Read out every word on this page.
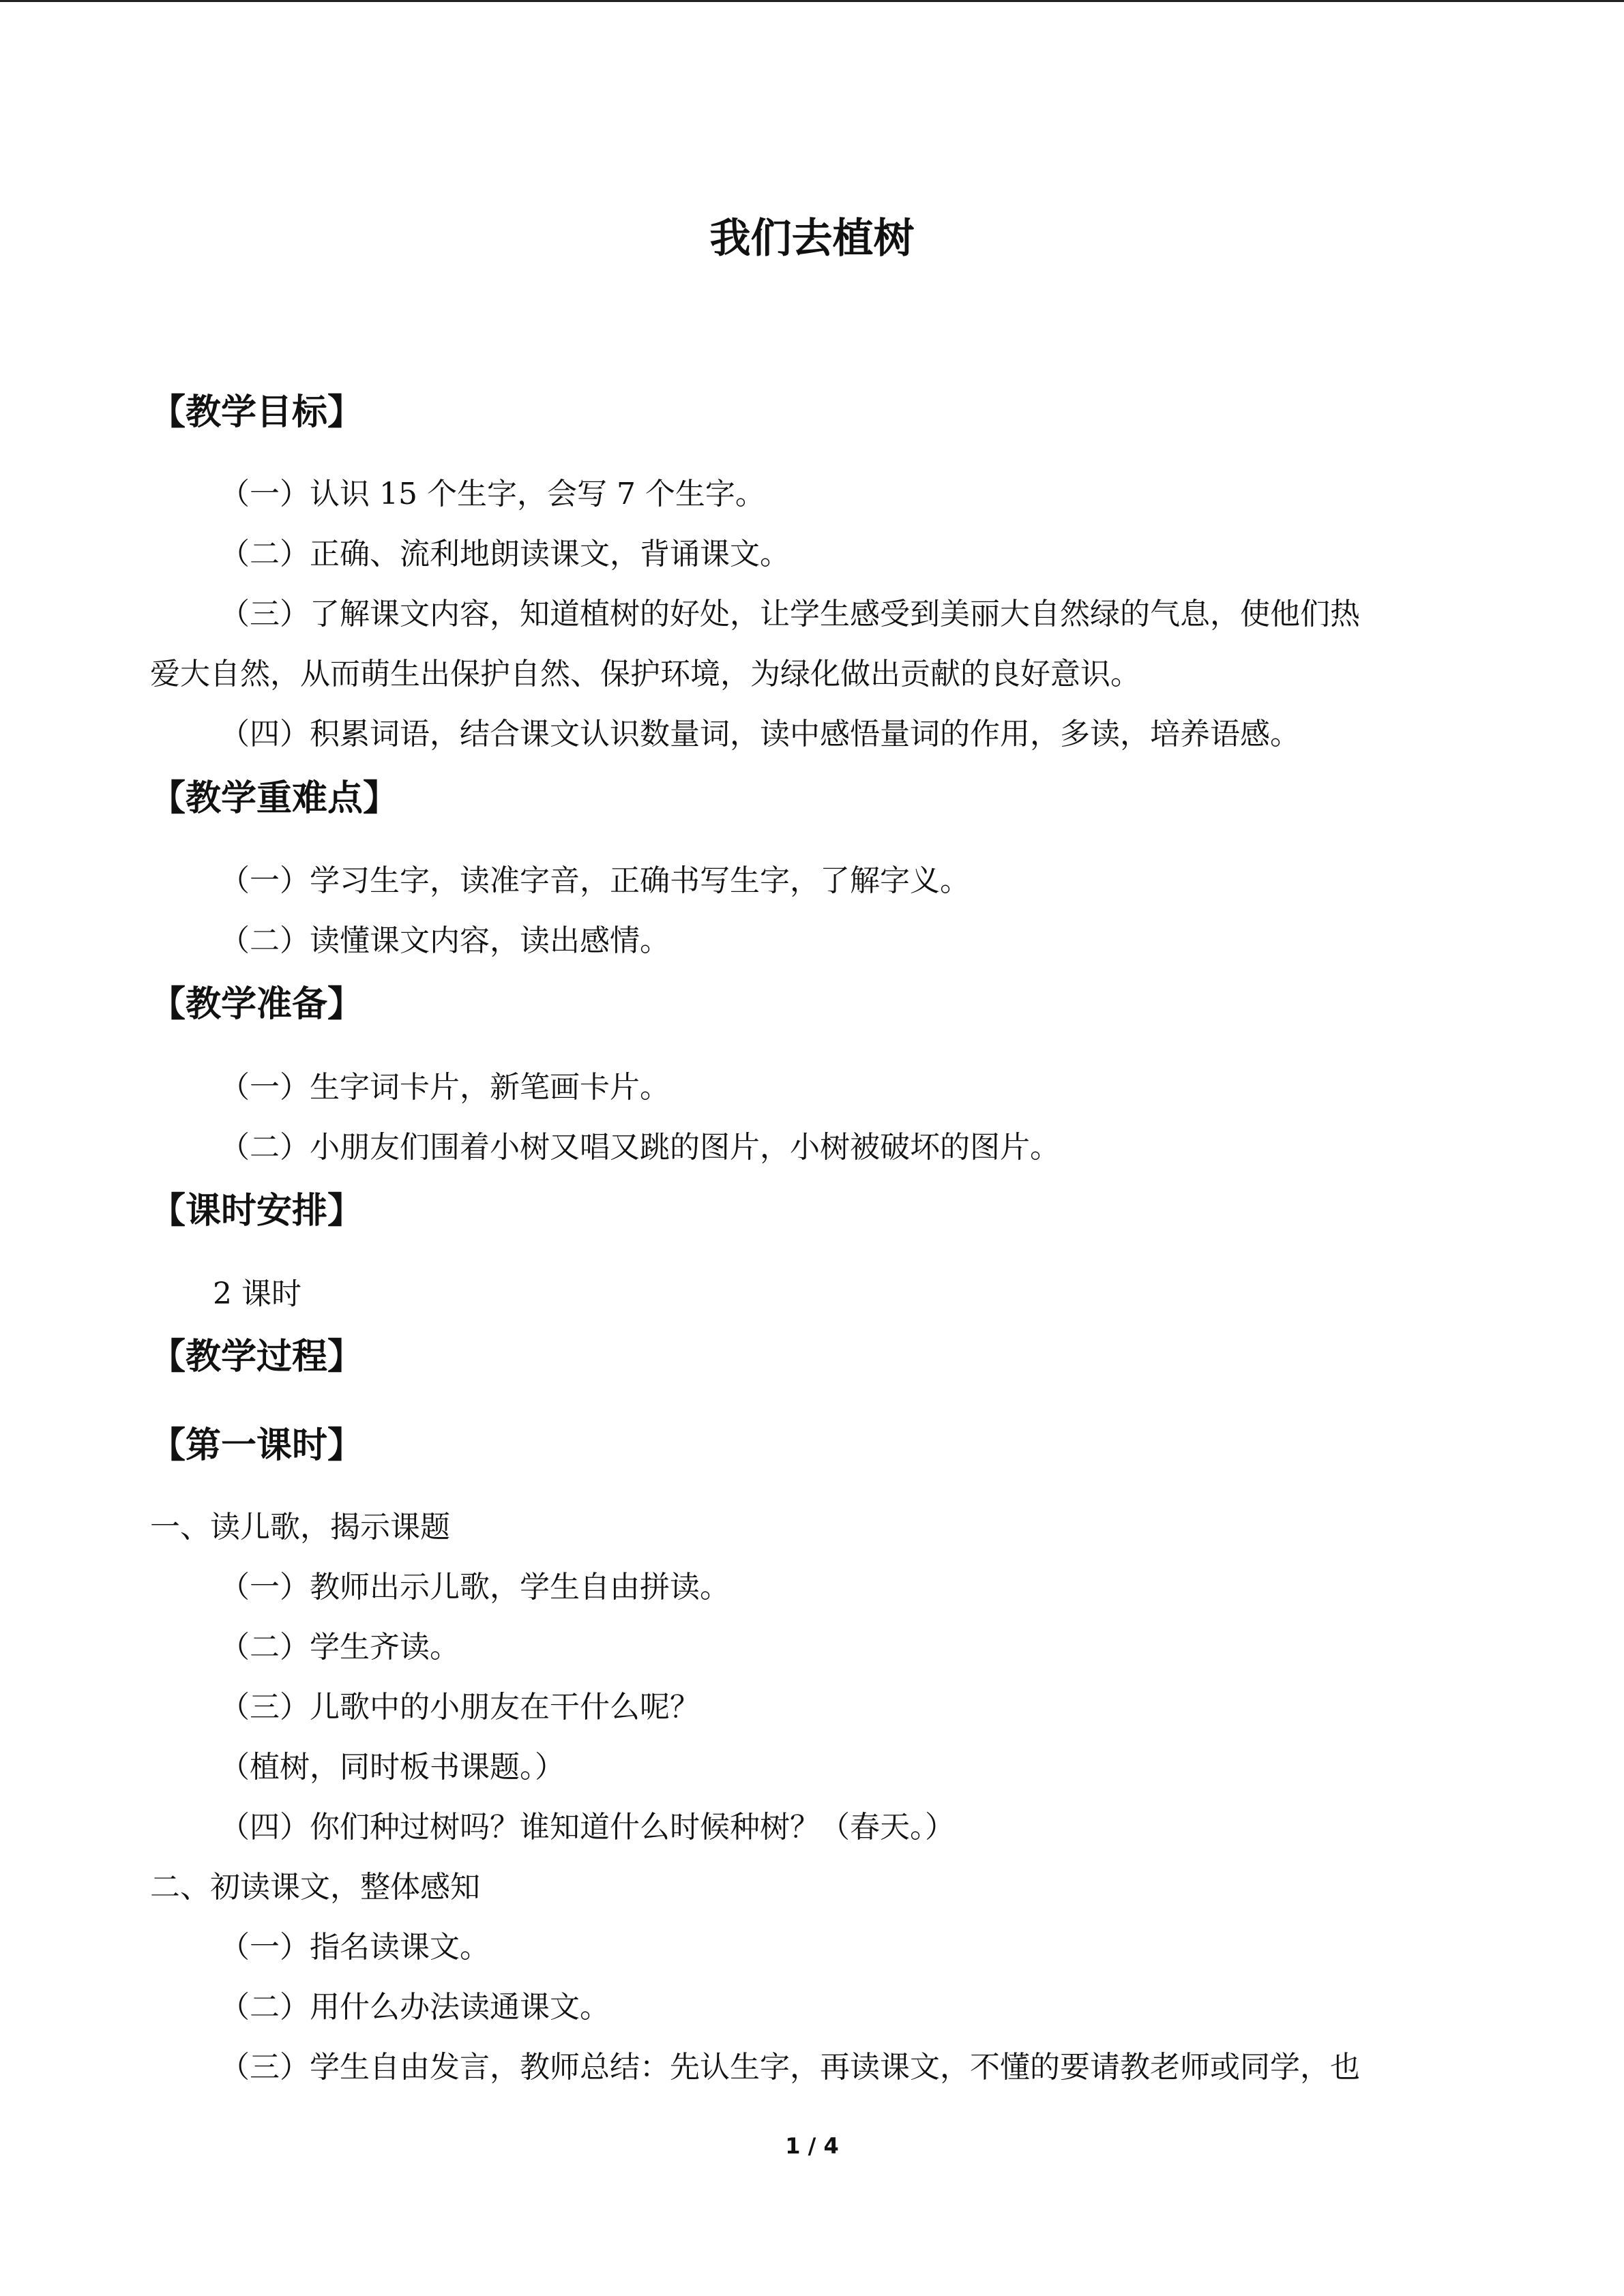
我们去植树
【教学目标】
（一）认识 15 个生字，会写 7 个生字。
（二）正确、流利地朗读课文，背诵课文。
（三）了解课文内容，知道植树的好处，让学生感受到美丽大自然绿的气息，使他们热
爱大自然，从而萌生出保护自然、保护环境，为绿化做出贡献的良好意识。
（四）积累词语，结合课文认识数量词，读中感悟量词的作用，多读，培养语感。
【教学重难点】
（一）学习生字，读准字音，正确书写生字，了解字义。
（二）读懂课文内容，读出感情。
【教学准备】
（一）生字词卡片，新笔画卡片。
（二）小朋友们围着小树又唱又跳的图片，小树被破坏的图片。
【课时安排】
2 课时
【教学过程】
【第一课时】
一、读儿歌，揭示课题
（一）教师出示儿歌，学生自由拼读。
（二）学生齐读。
（三）儿歌中的小朋友在干什么呢？
（植树，同时板书课题。）
（四）你们种过树吗？谁知道什么时候种树？（春天。）
二、初读课文，整体感知
（一）指名读课文。
（二）用什么办法读通课文。
（三）学生自由发言，教师总结：先认生字，再读课文，不懂的要请教老师或同学，也
1 / 4
